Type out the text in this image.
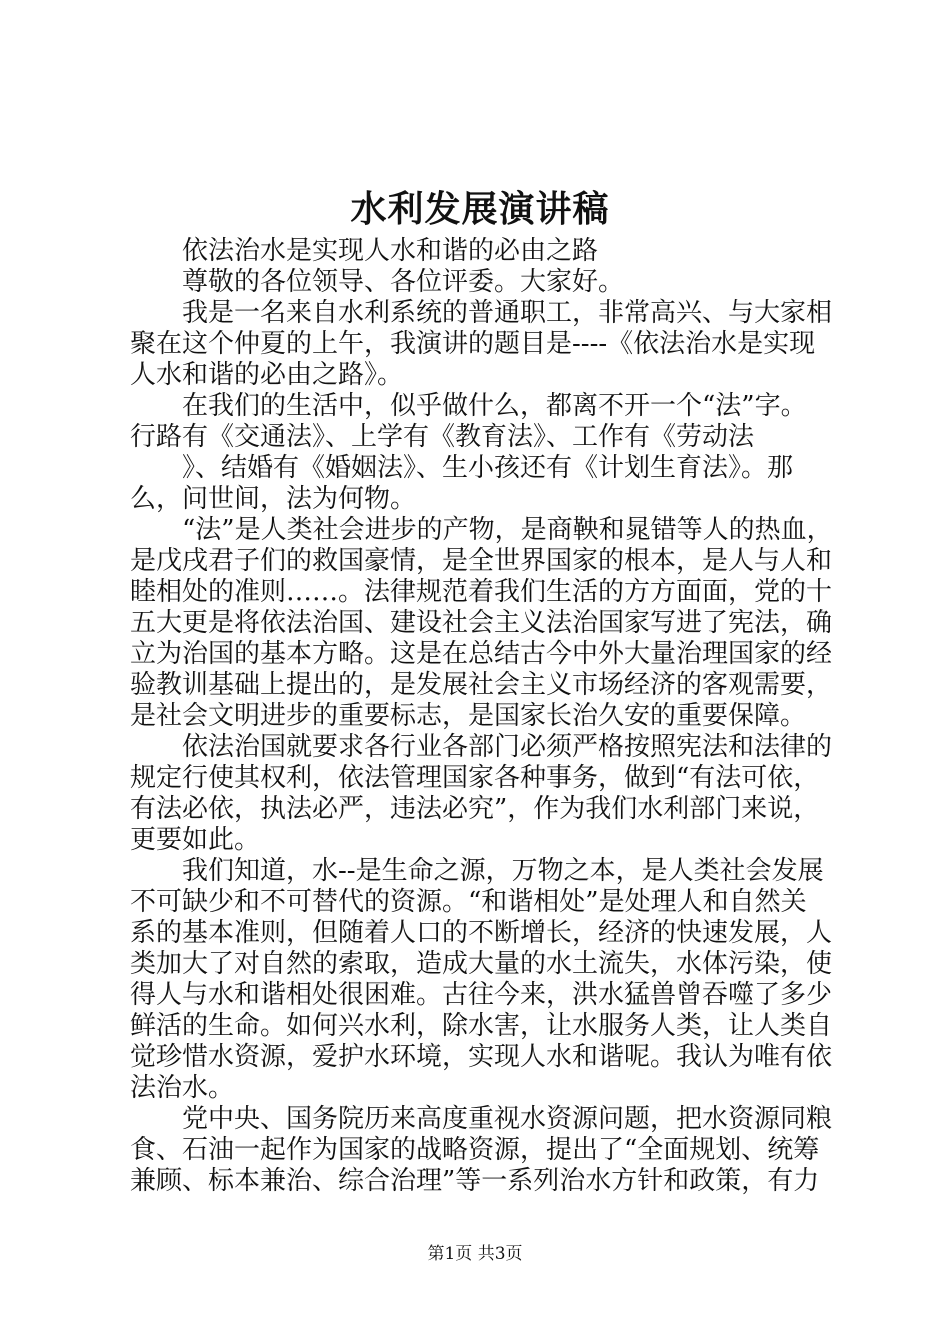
水利发展演讲稿
依法治水是实现人水和谐的必由之路
尊敬的各位领导、各位评委。大家好。
我是一名来自水利系统的普通职工，非常高兴、与大家相
聚在这个仲夏的上午，我演讲的题目是----《依法治水是实现
人水和谐的必由之路》。
在我们的生活中，似乎做什么，都离不开一个“法”字。
行路有《交通法》、上学有《教育法》、工作有《劳动法
》、结婚有《婚姻法》、生小孩还有《计划生育法》。那
么，问世间，法为何物。
“法”是人类社会进步的产物，是商鞅和晁错等人的热血，
是戊戌君子们的救国豪情，是全世界国家的根本，是人与人和
睦相处的准则……。法律规范着我们生活的方方面面，党的十
五大更是将依法治国、建设社会主义法治国家写进了宪法，确
立为治国的基本方略。这是在总结古今中外大量治理国家的经
验教训基础上提出的，是发展社会主义市场经济的客观需要，
是社会文明进步的重要标志，是国家长治久安的重要保障。
依法治国就要求各行业各部门必须严格按照宪法和法律的
规定行使其权利，依法管理国家各种事务，做到“有法可依，
有法必依，执法必严，违法必究”，作为我们水利部门来说，
更要如此。
我们知道，水--是生命之源，万物之本，是人类社会发展
不可缺少和不可替代的资源。“和谐相处”是处理人和自然关
系的基本准则，但随着人口的不断增长，经济的快速发展，人
类加大了对自然的索取，造成大量的水土流失，水体污染，使
得人与水和谐相处很困难。古往今来，洪水猛兽曾吞噬了多少
鲜活的生命。如何兴水利，除水害，让水服务人类，让人类自
觉珍惜水资源，爱护水环境，实现人水和谐呢。我认为唯有依
法治水。
党中央、国务院历来高度重视水资源问题，把水资源同粮
食、石油一起作为国家的战略资源，提出了“全面规划、统筹
兼顾、标本兼治、综合治理”等一系列治水方针和政策，有力
第1页 共3页
